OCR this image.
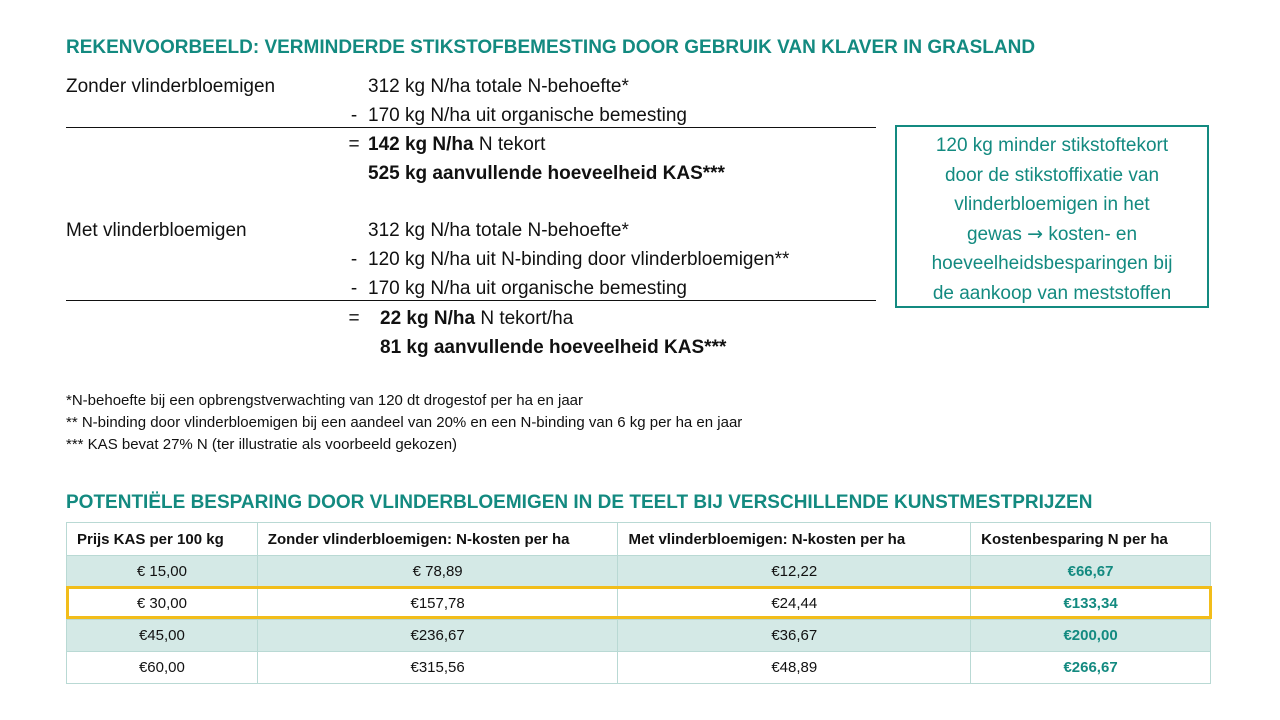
REKENVOORBEELD: VERMINDERDE STIKSTOFBEMESTING DOOR GEBRUIK VAN KLAVER IN GRASLAND
Zonder vlinderbloemigen	312 kg N/ha totale N-behoefte*
- 170 kg N/ha uit organische bemesting
= 142 kg N/ha N tekort
525 kg aanvullende hoeveelheid KAS***
Met vlinderbloemigen	312 kg N/ha totale N-behoefte*
- 120 kg N/ha uit N-binding door vlinderbloemigen**
- 170 kg N/ha uit organische bemesting
= 22 kg N/ha N tekort/ha
81 kg aanvullende hoeveelheid KAS***
120 kg minder stikstoftekort
door de stikstoffixatie van
vlinderbloemigen in het
gewas → kosten- en
hoeveelheidsbesparingen bij
de aankoop van meststoffen
*N-behoefte bij een opbrengstverwachting van 120 dt drogestof per ha en jaar
** N-binding door vlinderbloemigen bij een aandeel van 20% en een N-binding van 6 kg per ha en jaar
*** KAS bevat 27% N (ter illustratie als voorbeeld gekozen)
POTENTIËLE BESPARING DOOR VLINDERBLOEMIGEN IN DE TEELT BIJ VERSCHILLENDE KUNSTMESTPRIJZEN
Prijs KAS per 100 kg	Zonder vlinderbloemigen: N-kosten per ha	Met vlinderbloemigen: N-kosten per ha	Kostenbesparing N per ha
€ 15,00	€ 78,89	€12,22	€66,67
€ 30,00	€157,78	€24,44	€133,34
€45,00	€236,67	€36,67	€200,00
€60,00	€315,56	€48,89	€266,67
